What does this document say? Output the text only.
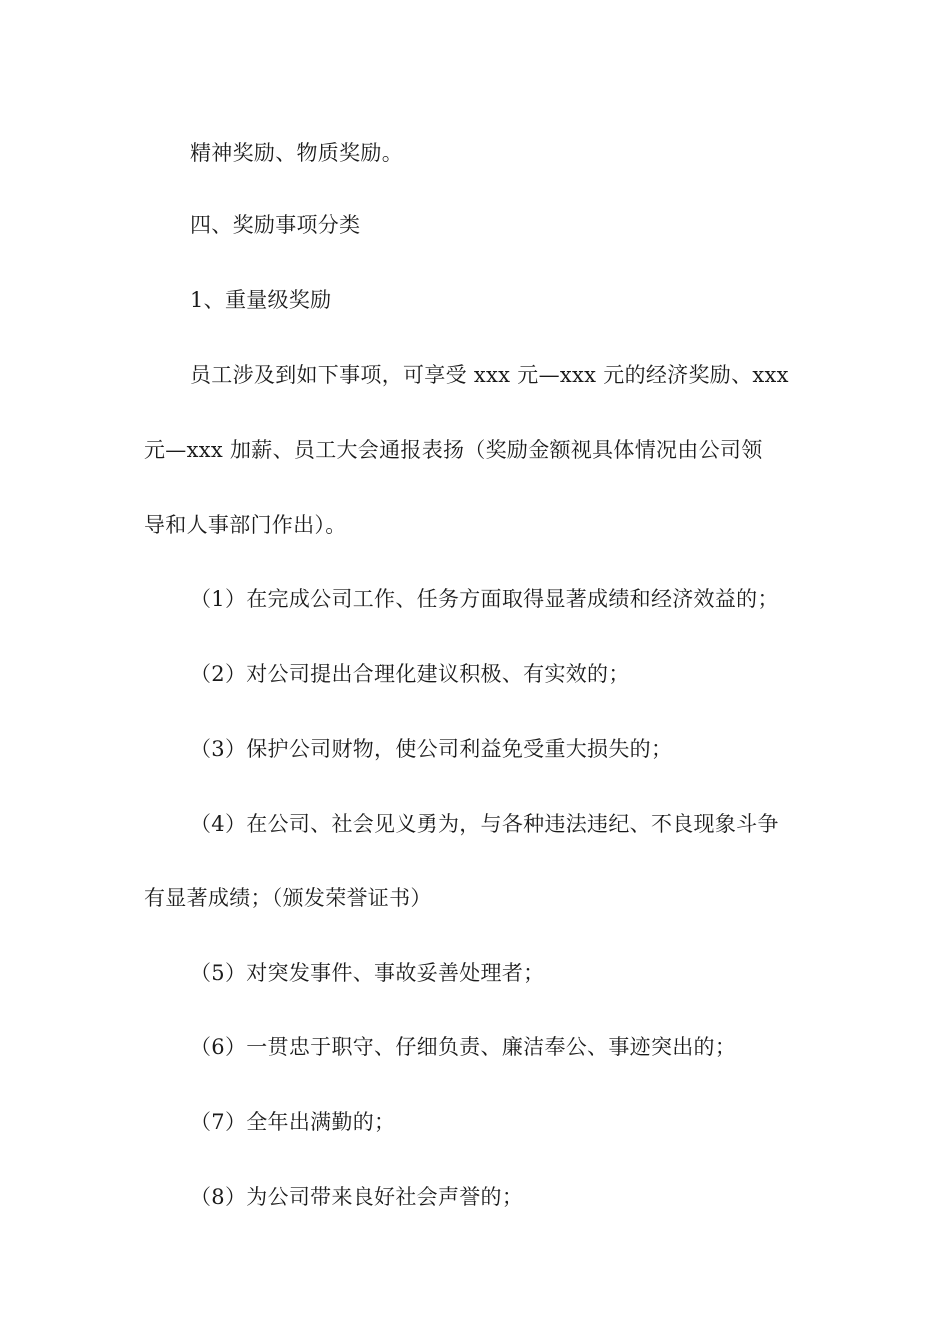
精神奖励、物质奖励。
四、奖励事项分类
1、重量级奖励
员工涉及到如下事项，可享受 xxx 元—xxx 元的经济奖励、xxx
元—xxx 加薪、员工大会通报表扬（奖励金额视具体情况由公司领
导和人事部门作出）。
（1）在完成公司工作、任务方面取得显著成绩和经济效益的；
（2）对公司提出合理化建议积极、有实效的；
（3）保护公司财物，使公司利益免受重大损失的；
（4）在公司、社会见义勇为，与各种违法违纪、不良现象斗争
有显著成绩；（颁发荣誉证书）
（5）对突发事件、事故妥善处理者；
（6）一贯忠于职守、仔细负责、廉洁奉公、事迹突出的；
（7）全年出满勤的；
（8）为公司带来良好社会声誉的；
